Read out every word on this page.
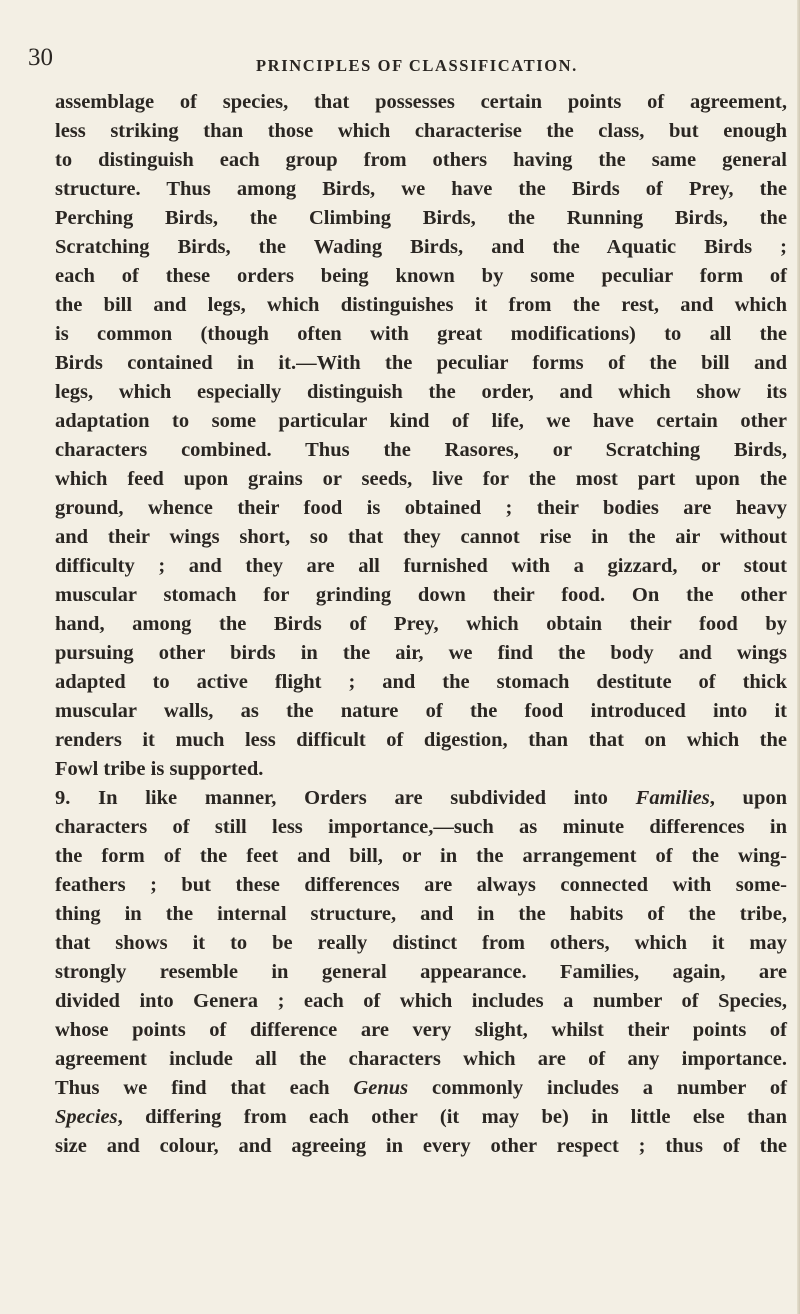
30	PRINCIPLES OF CLASSIFICATION.
assemblage of species, that possesses certain points of agreement,
less striking than those which characterise the class, but enough
to distinguish each group from others having the same general
structure. Thus among Birds, we have the Birds of Prey, the
Perching Birds, the Climbing Birds, the Running Birds, the
Scratching Birds, the Wading Birds, and the Aquatic Birds ;
each of these orders being known by some peculiar form of
the bill and legs, which distinguishes it from the rest, and which
is common (though often with great modifications) to all the
Birds contained in it.—With the peculiar forms of the bill and
legs, which especially distinguish the order, and which show its
adaptation to some particular kind of life, we have certain other
characters combined. Thus the Rasores, or Scratching Birds,
which feed upon grains or seeds, live for the most part upon the
ground, whence their food is obtained ; their bodies are heavy
and their wings short, so that they cannot rise in the air without
difficulty ; and they are all furnished with a gizzard, or stout
muscular stomach for grinding down their food. On the other
hand, among the Birds of Prey, which obtain their food by
pursuing other birds in the air, we find the body and wings
adapted to active flight ; and the stomach destitute of thick
muscular walls, as the nature of the food introduced into it
renders it much less difficult of digestion, than that on which the
Fowl tribe is supported.
9. In like manner, Orders are subdivided into Families, upon
characters of still less importance,—such as minute differences in
the form of the feet and bill, or in the arrangement of the wing-
feathers ; but these differences are always connected with some-
thing in the internal structure, and in the habits of the tribe,
that shows it to be really distinct from others, which it may
strongly resemble in general appearance. Families, again, are
divided into Genera ; each of which includes a number of Species,
whose points of difference are very slight, whilst their points of
agreement include all the characters which are of any importance.
Thus we find that each Genus commonly includes a number of
Species, differing from each other (it may be) in little else than
size and colour, and agreeing in every other respect ; thus of the
